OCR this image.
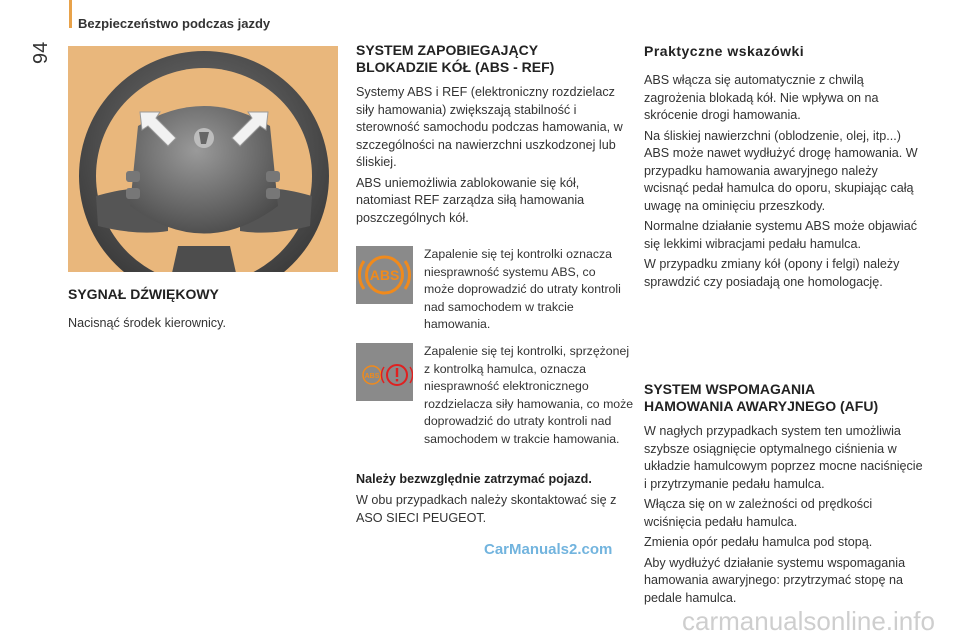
Bezpieczeństwo podczas jazdy
94

SYGNAŁ DŹWIĘKOWY

Nacisnąć środek kierownicy.

SYSTEM ZAPOBIEGAJĄCY

BLOKADZIE KÓŁ (ABS - REF)

Systemy ABS i REF (elektroniczny rozdzielacz siły hamowania) zwiększają stabilność i sterowność samochodu podczas hamowania, w szczególności na nawierzchni uszkodzonej lub śliskiej.

ABS uniemożliwia zablokowanie się kół, natomiast REF zarządza siłą hamowania poszczególnych kół.

ABS
Zapalenie się tej kontrolki oznacza niesprawność systemu ABS, co może doprowadzić do utraty kontroli nad samochodem w trakcie hamowania.
ABS
Zapalenie się tej kontrolki, sprzężonej z kontrolką hamulca, oznacza niesprawność elektronicznego rozdzielacza siły hamowania, co może doprowadzić do utraty kontroli nad samochodem w trakcie hamowania.

Należy bezwzględnie zatrzymać pojazd.

W obu przypadkach należy skontaktować się z ASO SIECI PEUGEOT.

Praktyczne wskazówki

ABS włącza się automatycznie z chwilą zagrożenia blokadą kół. Nie wpływa on na skrócenie drogi hamowania.

Na śliskiej nawierzchni (oblodzenie, olej, itp...) ABS może nawet wydłużyć drogę hamowania. W przypadku hamowania awaryjnego należy wcisnąć pedał hamulca do oporu, skupiając całą uwagę na ominięciu przeszkody.

Normalne działanie systemu ABS może objawiać się lekkimi wibracjami pedału hamulca.

W przypadku zmiany kół (opony i felgi) należy sprawdzić czy posiadają one homologację.

SYSTEM WSPOMAGANIA

HAMOWANIA AWARYJNEGO (AFU)

W nagłych przypadkach system ten umożliwia szybsze osiągnięcie optymalnego ciśnienia w układzie hamulcowym poprzez mocne naciśnięcie i przytrzymanie pedału hamulca.

Włącza się on w zależności od prędkości wciśnięcia pedału hamulca.

Zmienia opór pedału hamulca pod stopą.

Aby wydłużyć działanie systemu wspomagania hamowania awaryjnego: przytrzymać stopę na pedale hamulca.

CarManuals2.com
carmanualsonline.info
